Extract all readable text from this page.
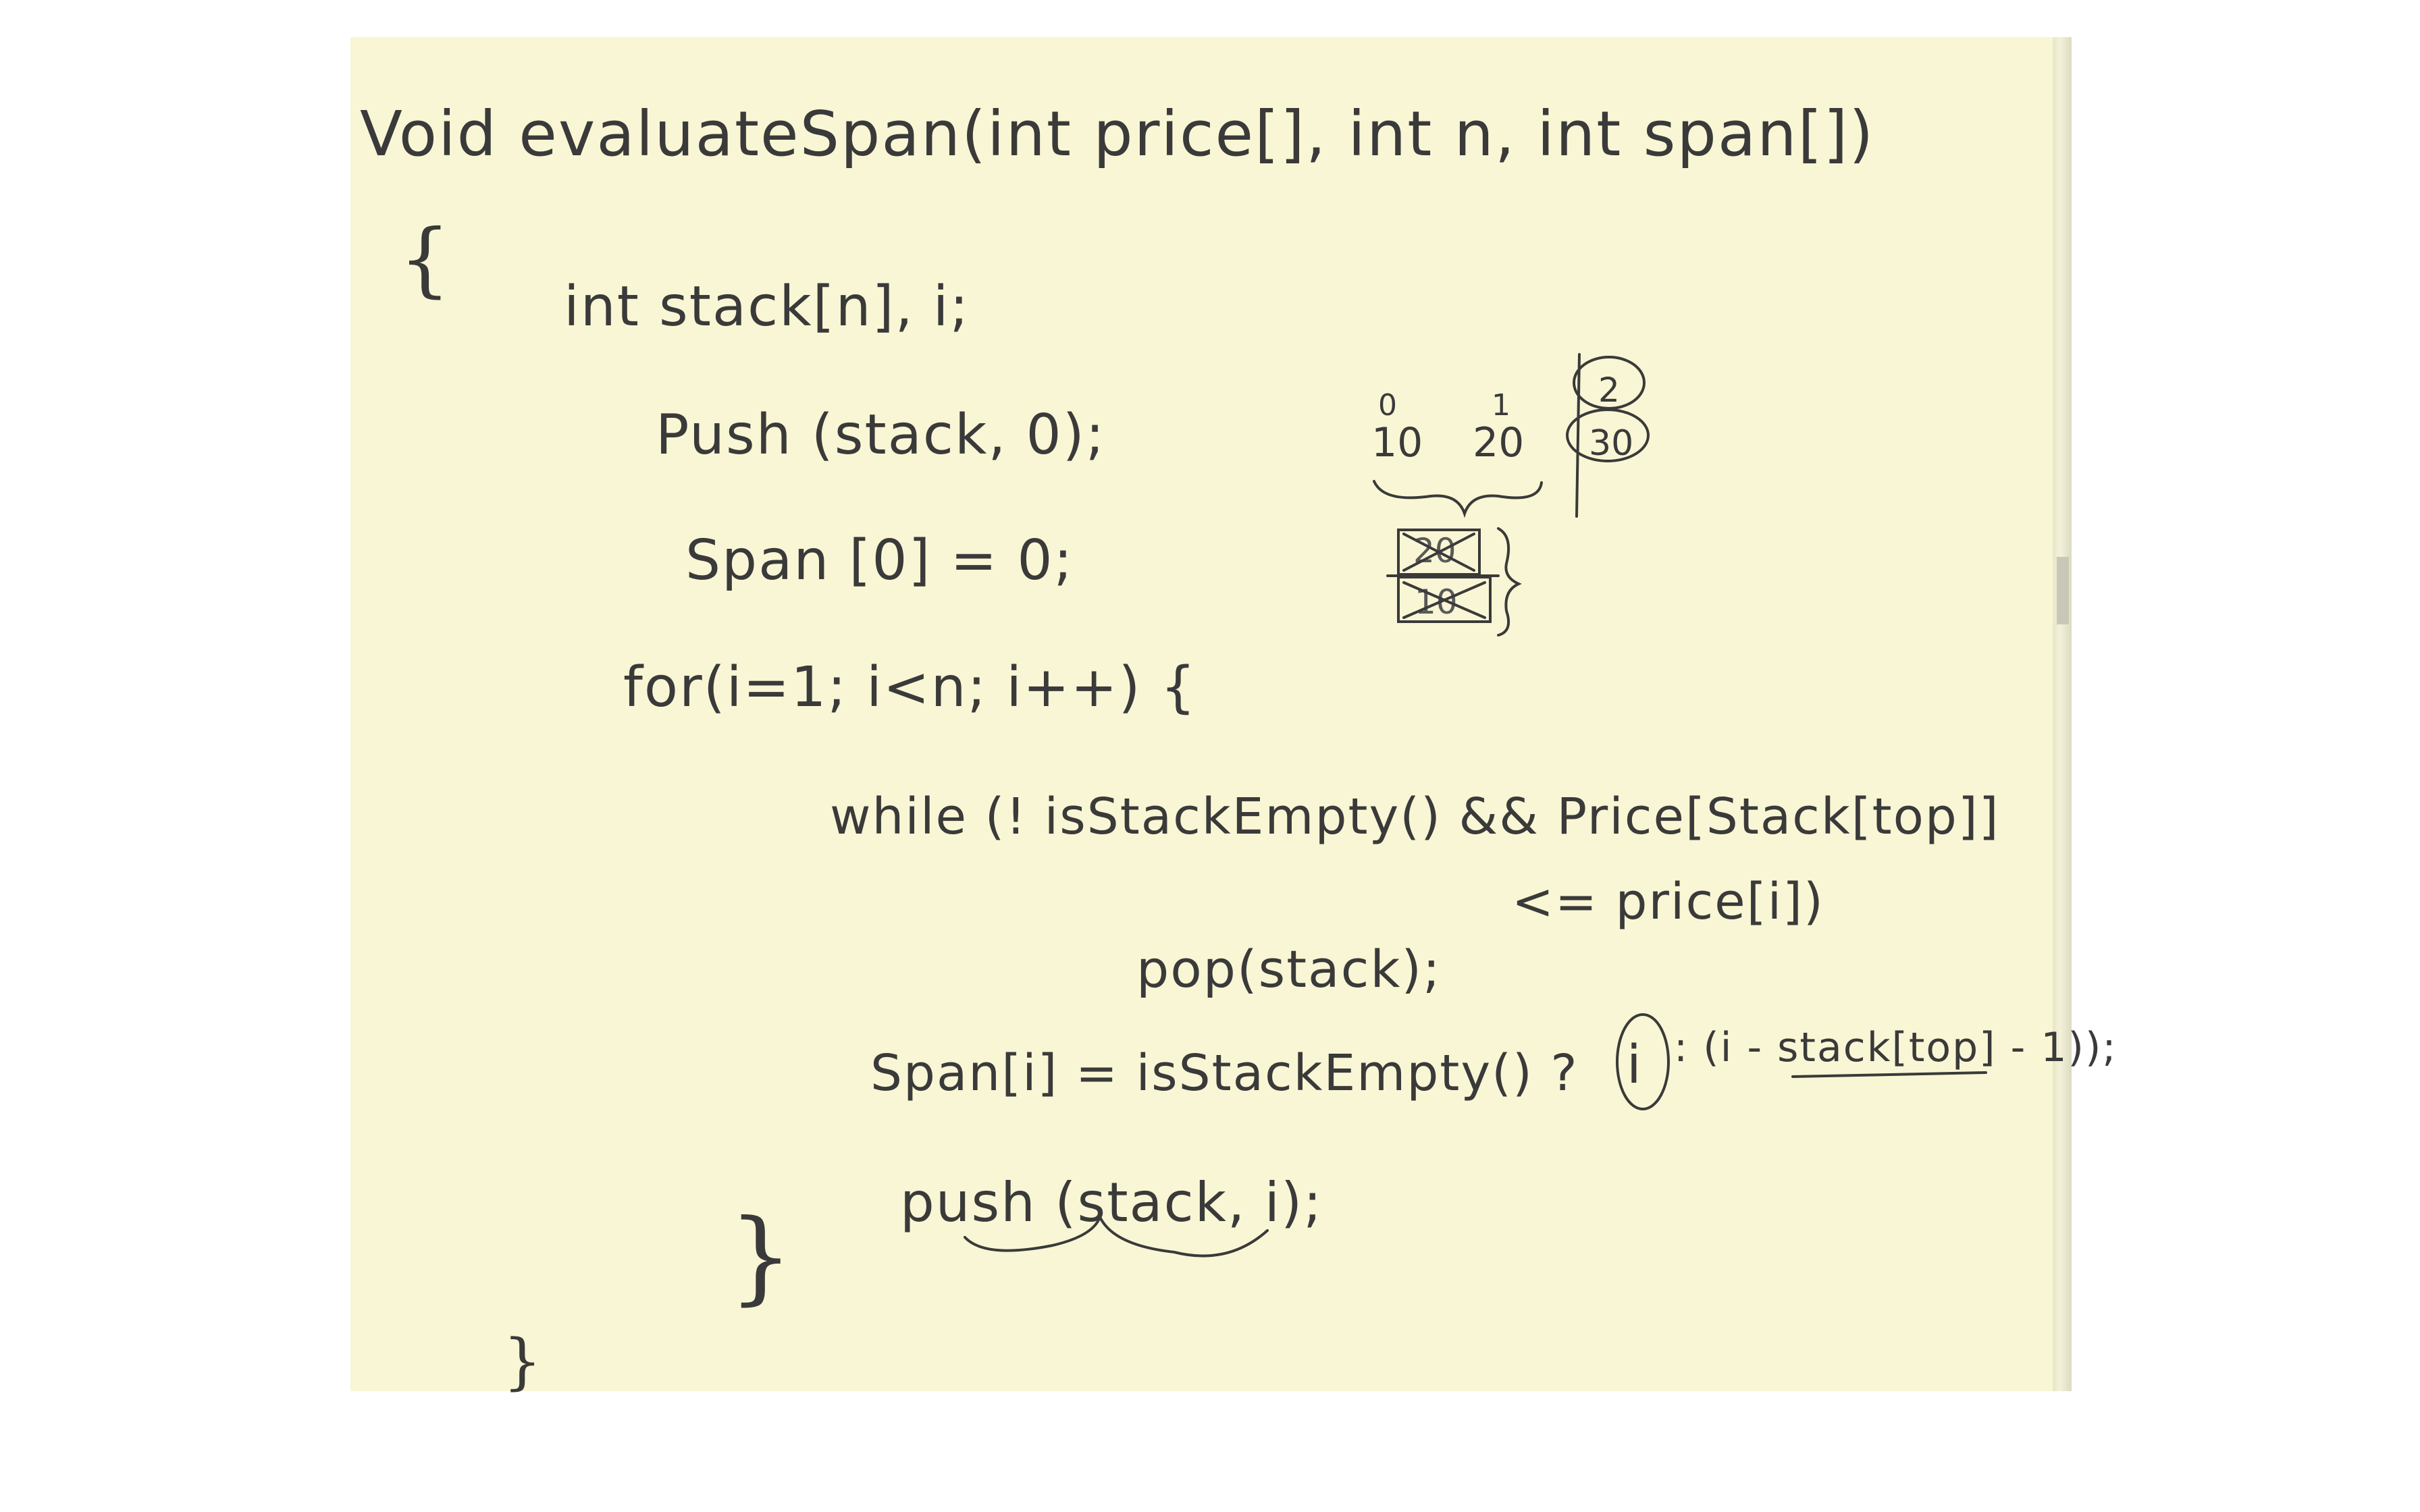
Void evaluateSpan(int price[], int n, int span[])
{
int stack[n], i;
Push (stack, 0);
Span [0] = 0;
for(i=1; i<n; i++) {
while (! isStackEmpty() && Price[Stack[top]]
<= price[i])
pop(stack);
Span[i] = isStackEmpty() ? i : (i - stack[top] - 1));
push (stack, i);
}
}
0	1
10 20
2
30
20
10
